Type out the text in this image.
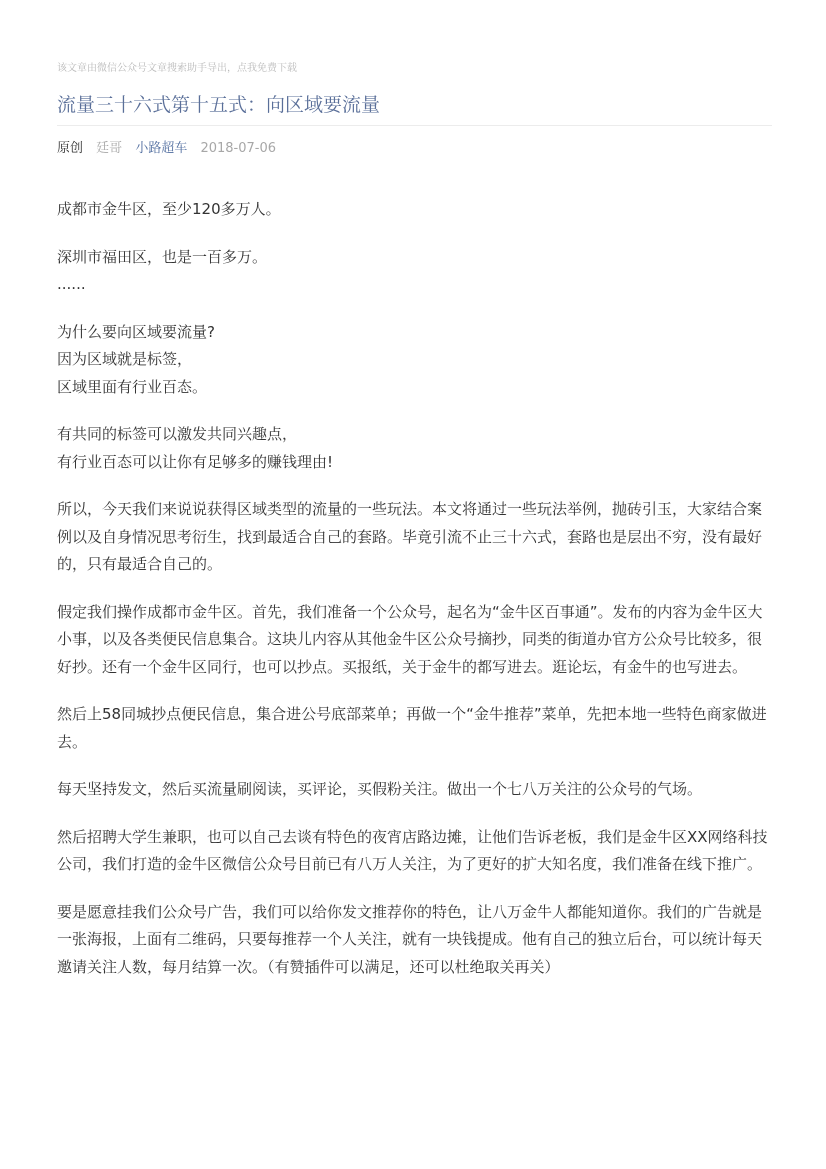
该文章由微信公众号文章搜索助手导出，点我免费下载
流量三十六式第十五式：向区域要流量
原创 廷哥 小路超车 2018-07-06

成都市金牛区，至少120多万人。

深圳市福田区，也是一百多万。
......

为什么要向区域要流量?
因为区域就是标签，
区域里面有行业百态。

有共同的标签可以激发共同兴趣点，
有行业百态可以让你有足够多的赚钱理由!

所以，今天我们来说说获得区域类型的流量的一些玩法。本文将通过一些玩法举例，抛砖引玉，大家结合案例以及自身情况思考衍生，找到最适合自己的套路。毕竟引流不止三十六式，套路也是层出不穷，没有最好的，只有最适合自己的。

假定我们操作成都市金牛区。首先，我们准备一个公众号，起名为“金牛区百事通”。发布的内容为金牛区大小事，以及各类便民信息集合。这块儿内容从其他金牛区公众号摘抄，同类的街道办官方公众号比较多，很好抄。还有一个金牛区同行，也可以抄点。买报纸，关于金牛的都写进去。逛论坛，有金牛的也写进去。

然后上58同城抄点便民信息，集合进公号底部菜单；再做一个“金牛推荐”菜单，先把本地一些特色商家做进去。

每天坚持发文，然后买流量刷阅读，买评论，买假粉关注。做出一个七八万关注的公众号的气场。

然后招聘大学生兼职，也可以自己去谈有特色的夜宵店路边摊，让他们告诉老板，我们是金牛区XX网络科技公司，我们打造的金牛区微信公众号目前已有八万人关注，为了更好的扩大知名度，我们准备在线下推广。

要是愿意挂我们公众号广告，我们可以给你发文推荐你的特色，让八万金牛人都能知道你。我们的广告就是一张海报，上面有二维码，只要每推荐一个人关注，就有一块钱提成。他有自己的独立后台，可以统计每天邀请关注人数，每月结算一次。（有赞插件可以满足，还可以杜绝取关再关）
